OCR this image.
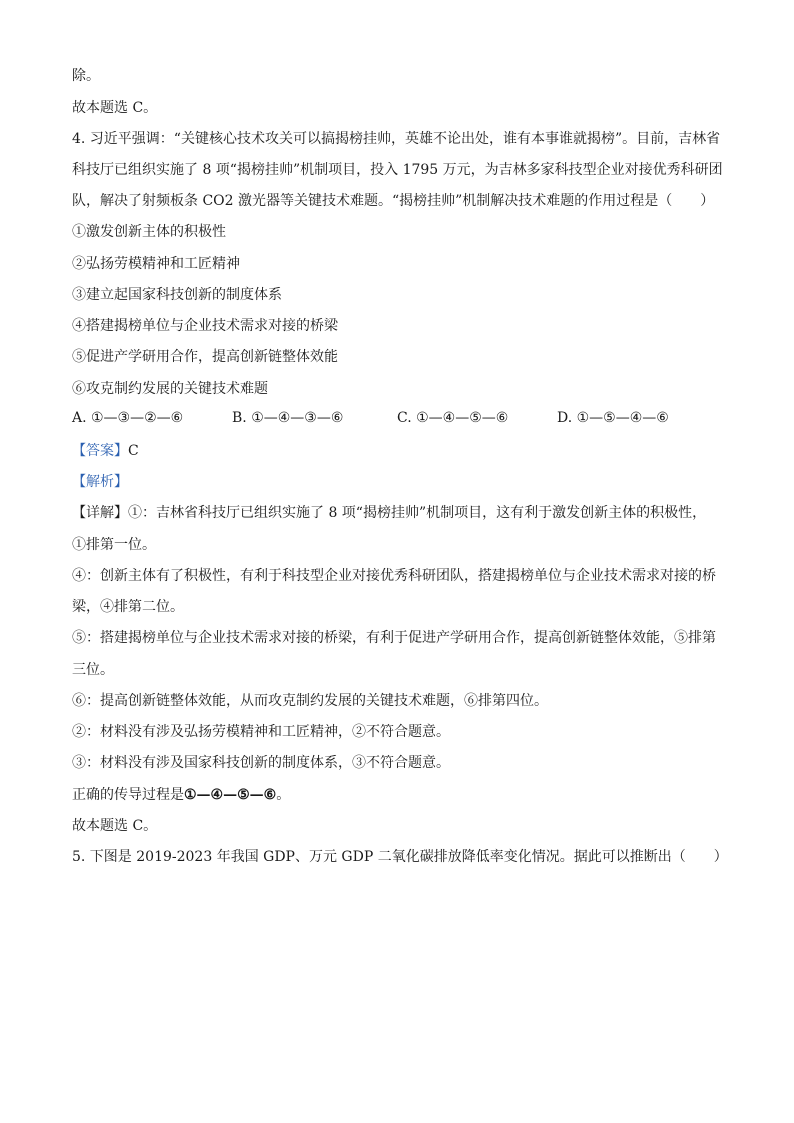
除。
故本题选 C。
4. 习近平强调：“关键核心技术攻关可以搞揭榜挂帅，英雄不论出处，谁有本事谁就揭榜”。目前，吉林省
科技厅已组织实施了 8 项“揭榜挂帅”机制项目，投入 1795 万元，为吉林多家科技型企业对接优秀科研团
队，解决了射频板条 CO2 激光器等关键技术难题。“揭榜挂帅”机制解决技术难题的作用过程是（　　）
①激发创新主体的积极性
②弘扬劳模精神和工匠精神
③建立起国家科技创新的制度体系
④搭建揭榜单位与企业技术需求对接的桥梁
⑤促进产学研用合作，提高创新链整体效能
⑥攻克制约发展的关键技术难题
A. ①—③—②—⑥	B. ①—④—③—⑥	C. ①—④—⑤—⑥	D. ①—⑤—④—⑥
【答案】C
【解析】
【详解】①：吉林省科技厅已组织实施了 8 项“揭榜挂帅”机制项目，这有利于激发创新主体的积极性，
①排第一位。
④：创新主体有了积极性，有利于科技型企业对接优秀科研团队，搭建揭榜单位与企业技术需求对接的桥
梁，④排第二位。
⑤：搭建揭榜单位与企业技术需求对接的桥梁，有利于促进产学研用合作，提高创新链整体效能，⑤排第
三位。
⑥：提高创新链整体效能，从而攻克制约发展的关键技术难题，⑥排第四位。
②：材料没有涉及弘扬劳模精神和工匠精神，②不符合题意。
③：材料没有涉及国家科技创新的制度体系，③不符合题意。
正确的传导过程是①—④—⑤—⑥。
故本题选 C。
5. 下图是 2019-2023 年我国 GDP、万元 GDP 二氧化碳排放降低率变化情况。据此可以推断出（　　）
